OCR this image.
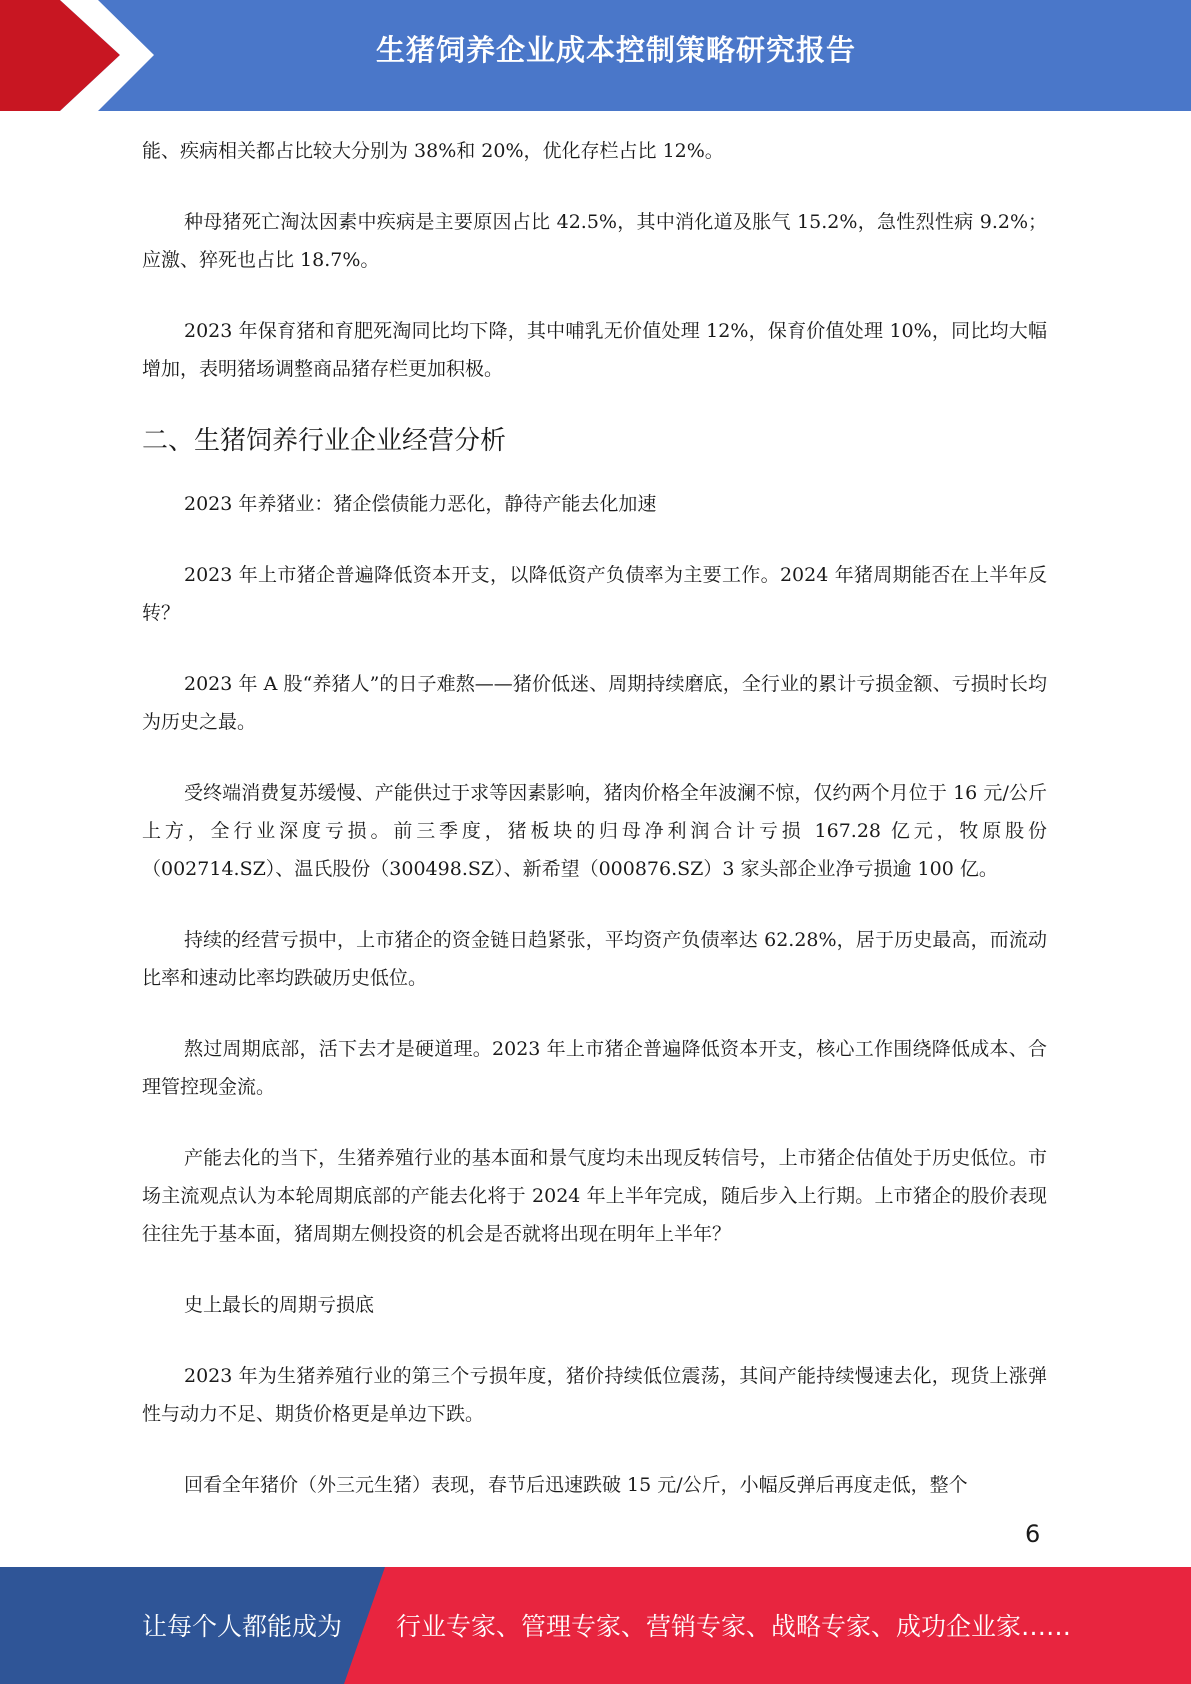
生猪饲养企业成本控制策略研究报告

能、疾病相关都占比较大分别为 38%和 20%，优化存栏占比 12%。

种母猪死亡淘汰因素中疾病是主要原因占比 42.5%，其中消化道及胀气 15.2%，急性烈性病 9.2%；应激、猝死也占比 18.7%。

2023 年保育猪和育肥死淘同比均下降，其中哺乳无价值处理 12%，保育价值处理 10%，同比均大幅增加，表明猪场调整商品猪存栏更加积极。

二、生猪饲养行业企业经营分析

2023 年养猪业：猪企偿债能力恶化，静待产能去化加速

2023 年上市猪企普遍降低资本开支，以降低资产负债率为主要工作。2024 年猪周期能否在上半年反转？

2023 年 A 股“养猪人”的日子难熬——猪价低迷、周期持续磨底，全行业的累计亏损金额、亏损时长均为历史之最。

受终端消费复苏缓慢、产能供过于求等因素影响，猪肉价格全年波澜不惊，仅约两个月位于 16 元/公斤上方，全行业深度亏损。前三季度，猪板块的归母净利润合计亏损 167.28 亿元，牧原股份（002714.SZ）、温氏股份（300498.SZ）、新希望（000876.SZ）3 家头部企业净亏损逾 100 亿。

持续的经营亏损中，上市猪企的资金链日趋紧张，平均资产负债率达 62.28%，居于历史最高，而流动比率和速动比率均跌破历史低位。

熬过周期底部，活下去才是硬道理。2023 年上市猪企普遍降低资本开支，核心工作围绕降低成本、合理管控现金流。

产能去化的当下，生猪养殖行业的基本面和景气度均未出现反转信号，上市猪企估值处于历史低位。市场主流观点认为本轮周期底部的产能去化将于 2024 年上半年完成，随后步入上行期。上市猪企的股价表现往往先于基本面，猪周期左侧投资的机会是否就将出现在明年上半年？

史上最长的周期亏损底

2023 年为生猪养殖行业的第三个亏损年度，猪价持续低位震荡，其间产能持续慢速去化，现货上涨弹性与动力不足、期货价格更是单边下跌。

回看全年猪价（外三元生猪）表现，春节后迅速跌破 15 元/公斤，小幅反弹后再度走低，整个

6
让每个人都能成为 行业专家、管理专家、营销专家、战略专家、成功企业家……
